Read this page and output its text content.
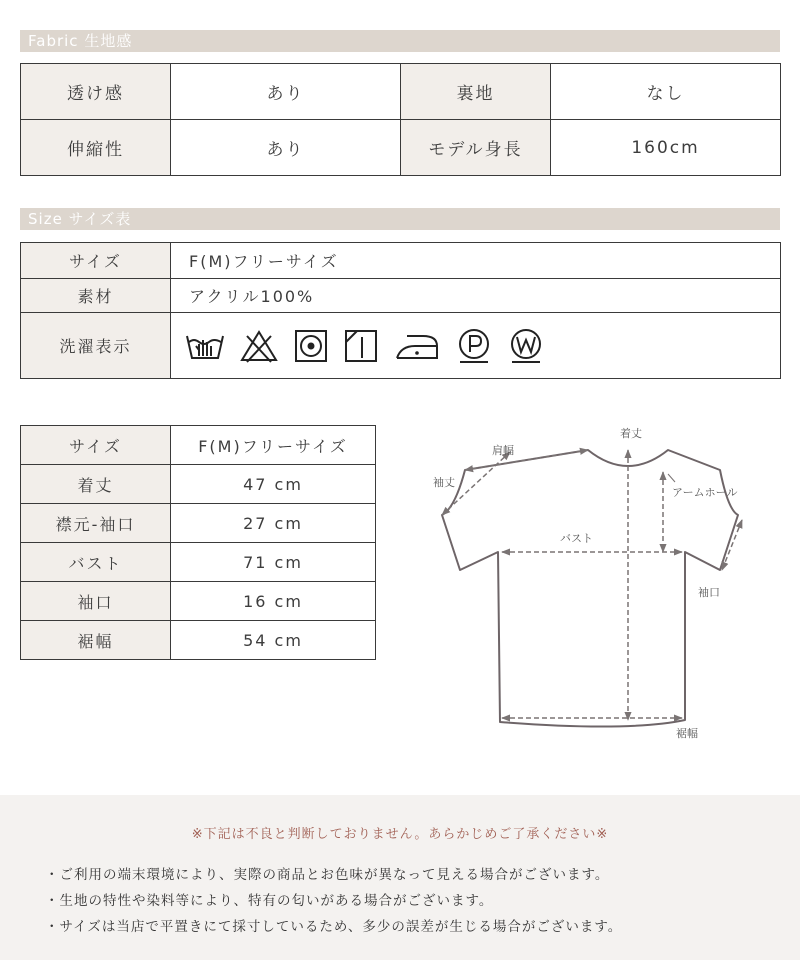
Fabric 生地感
透け感	あり	裏地	なし
伸縮性	あり	モデル身長	160cm
Size サイズ表
サイズ	F(M)フリーサイズ
素材	アクリル100%
洗濯表示	
サイズ	F(M)フリーサイズ
着丈	47 cm
襟元-袖口	27 cm
バスト	71 cm
袖口	16 cm
裾幅	54 cm
着丈
肩幅
袖丈
アームホール
バスト
袖口
裾幅
※下記は不良と判断しておりません。あらかじめご了承ください※
・ご利用の端末環境により、実際の商品とお色味が異なって見える場合がございます。
・生地の特性や染料等により、特有の匂いがある場合がございます。
・サイズは当店で平置きにて採寸しているため、多少の誤差が生じる場合がございます。
